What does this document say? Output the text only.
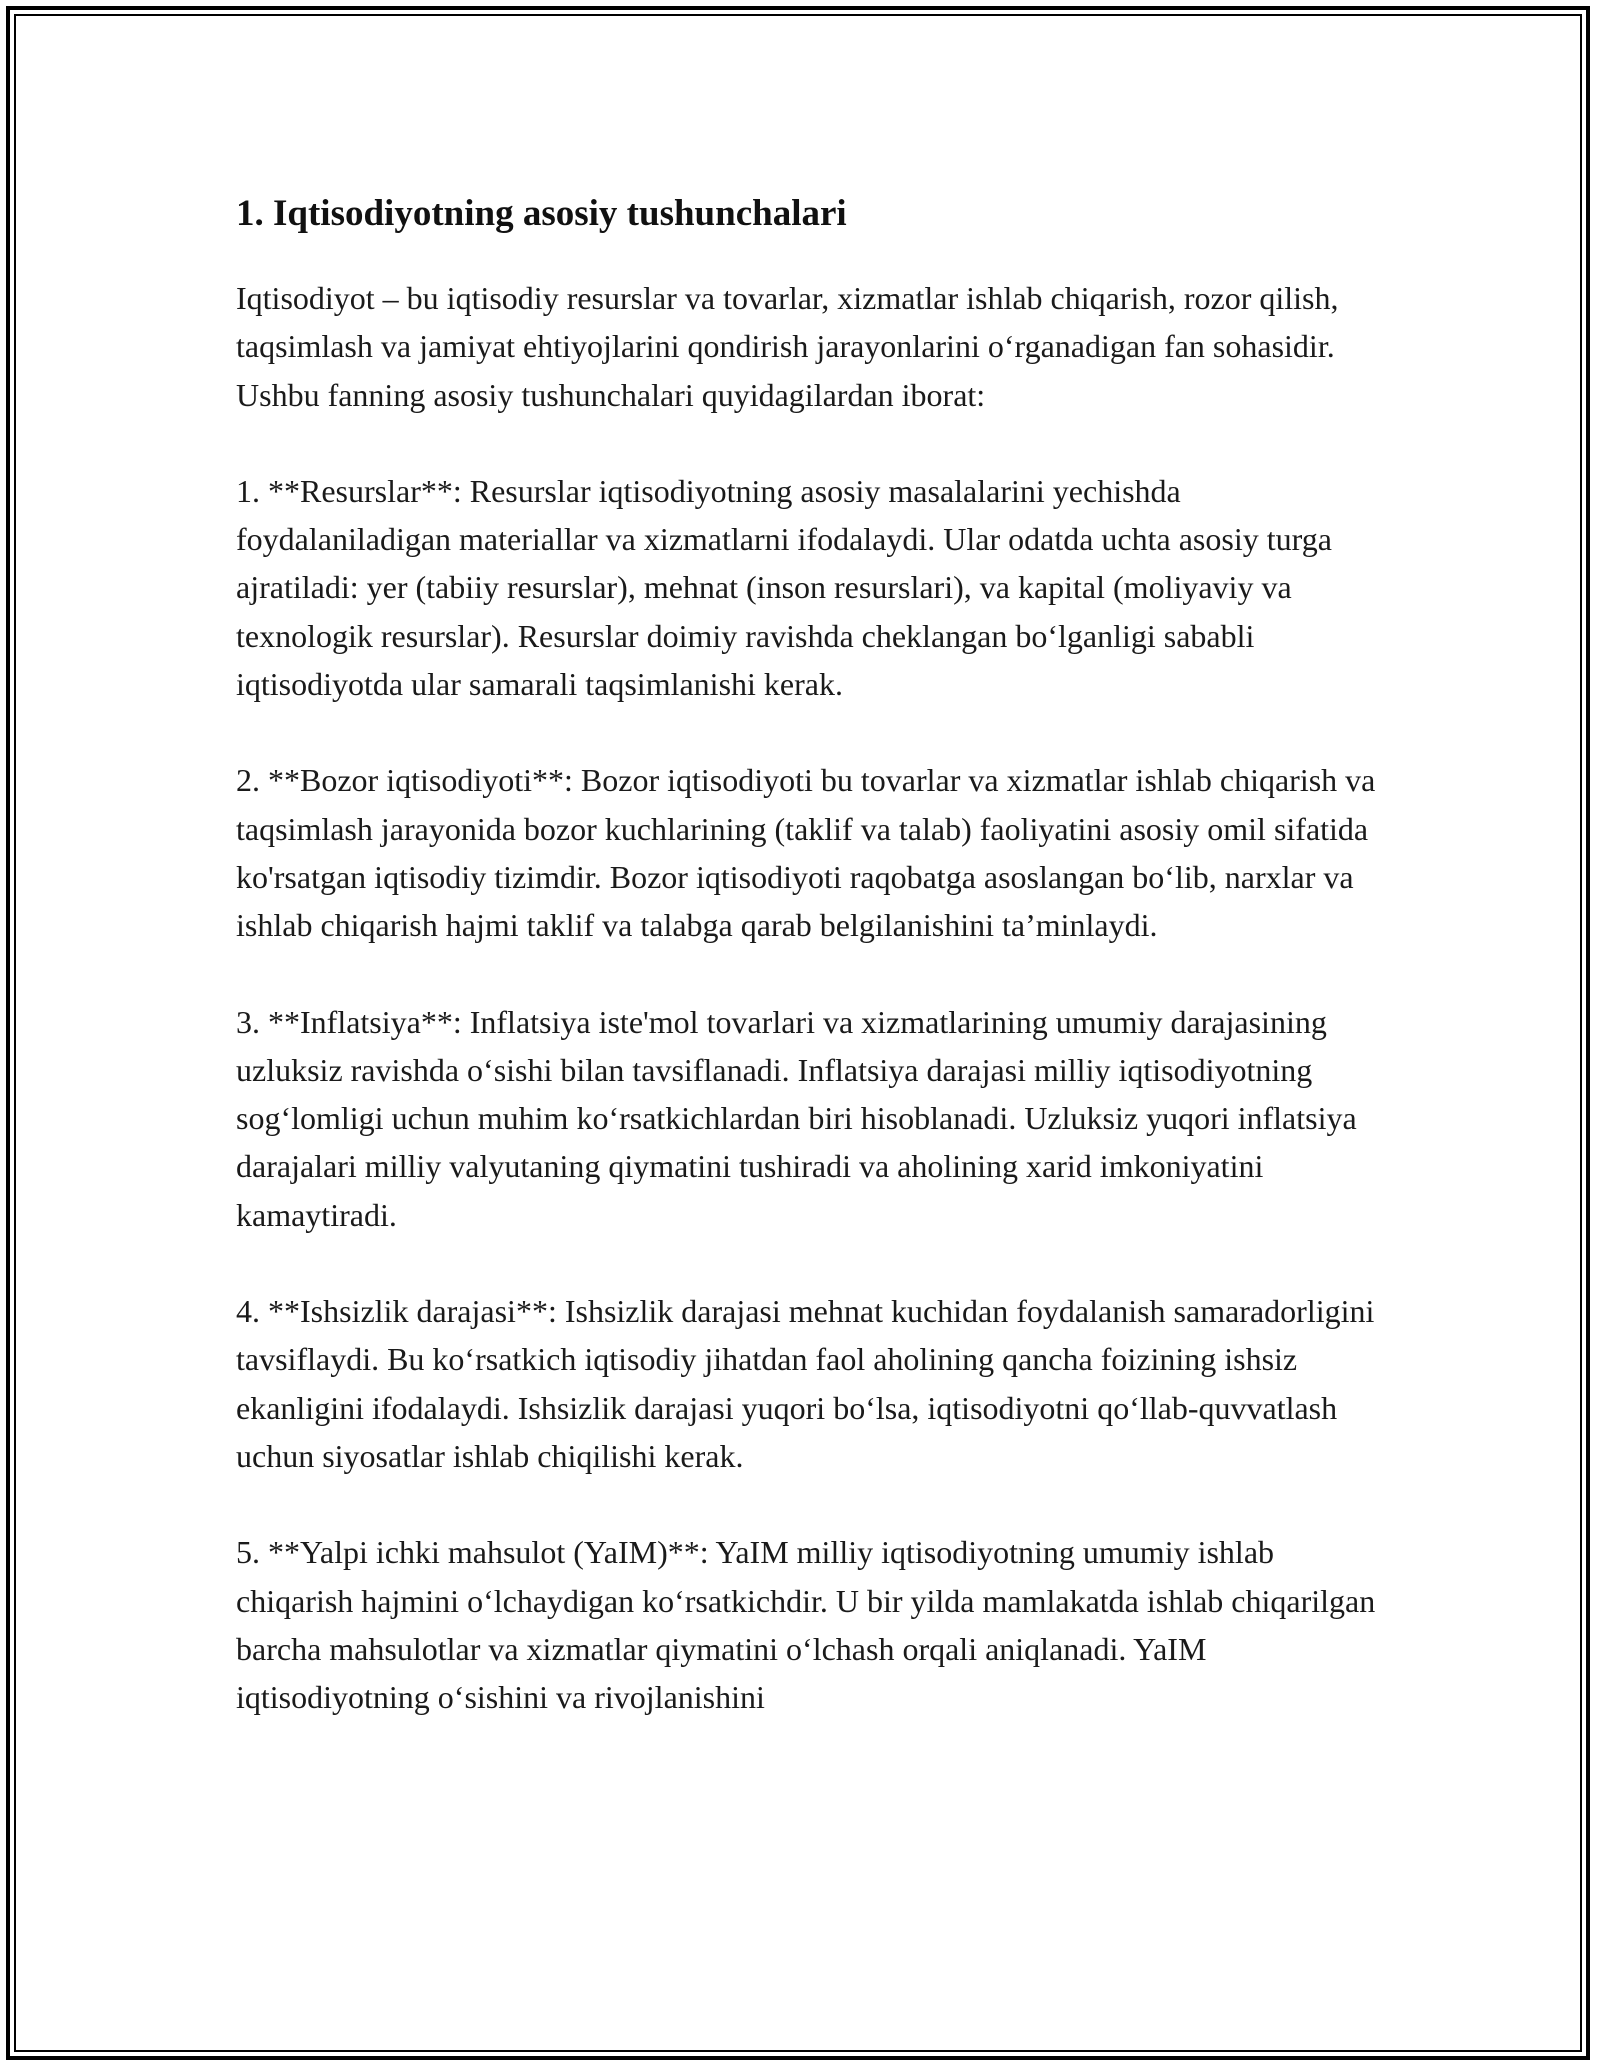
1. Iqtisodiyotning asosiy tushunchalari

Iqtisodiyot – bu iqtisodiy resurslar va tovarlar, xizmatlar ishlab chiqarish, rozor qilish, taqsimlash va jamiyat ehtiyojlarini qondirish jarayonlarini oʻrganadigan fan sohasidir. Ushbu fanning asosiy tushunchalari quyidagilardan iborat:

1. **Resurslar**: Resurslar iqtisodiyotning asosiy masalalarini yechishda foydalaniladigan materiallar va xizmatlarni ifodalaydi. Ular odatda uchta asosiy turga ajratiladi: yer (tabiiy resurslar), mehnat (inson resurslari), va kapital (moliyaviy va texnologik resurslar). Resurslar doimiy ravishda cheklangan boʻlganligi sababli iqtisodiyotda ular samarali taqsimlanishi kerak.

2. **Bozor iqtisodiyoti**: Bozor iqtisodiyoti bu tovarlar va xizmatlar ishlab chiqarish va taqsimlash jarayonida bozor kuchlarining (taklif va talab) faoliyatini asosiy omil sifatida ko'rsatgan iqtisodiy tizimdir. Bozor iqtisodiyoti raqobatga asoslangan boʻlib, narxlar va ishlab chiqarish hajmi taklif va talabga qarab belgilanishini ta’minlaydi.

3. **Inflatsiya**: Inflatsiya iste'mol tovarlari va xizmatlarining umumiy darajasining uzluksiz ravishda oʻsishi bilan tavsiflanadi. Inflatsiya darajasi milliy iqtisodiyotning sogʻlomligi uchun muhim koʻrsatkichlardan biri hisoblanadi. Uzluksiz yuqori inflatsiya darajalari milliy valyutaning qiymatini tushiradi va aholining xarid imkoniyatini kamaytiradi.

4. **Ishsizlik darajasi**: Ishsizlik darajasi mehnat kuchidan foydalanish samaradorligini tavsiflaydi. Bu koʻrsatkich iqtisodiy jihatdan faol aholining qancha foizining ishsiz ekanligini ifodalaydi. Ishsizlik darajasi yuqori boʻlsa, iqtisodiyotni qoʻllab-quvvatlash uchun siyosatlar ishlab chiqilishi kerak.

5. **Yalpi ichki mahsulot (YaIM)**: YaIM milliy iqtisodiyotning umumiy ishlab chiqarish hajmini oʻlchaydigan koʻrsatkichdir. U bir yilda mamlakatda ishlab chiqarilgan barcha mahsulotlar va xizmatlar qiymatini oʻlchash orqali aniqlanadi. YaIM iqtisodiyotning oʻsishini va rivojlanishini
